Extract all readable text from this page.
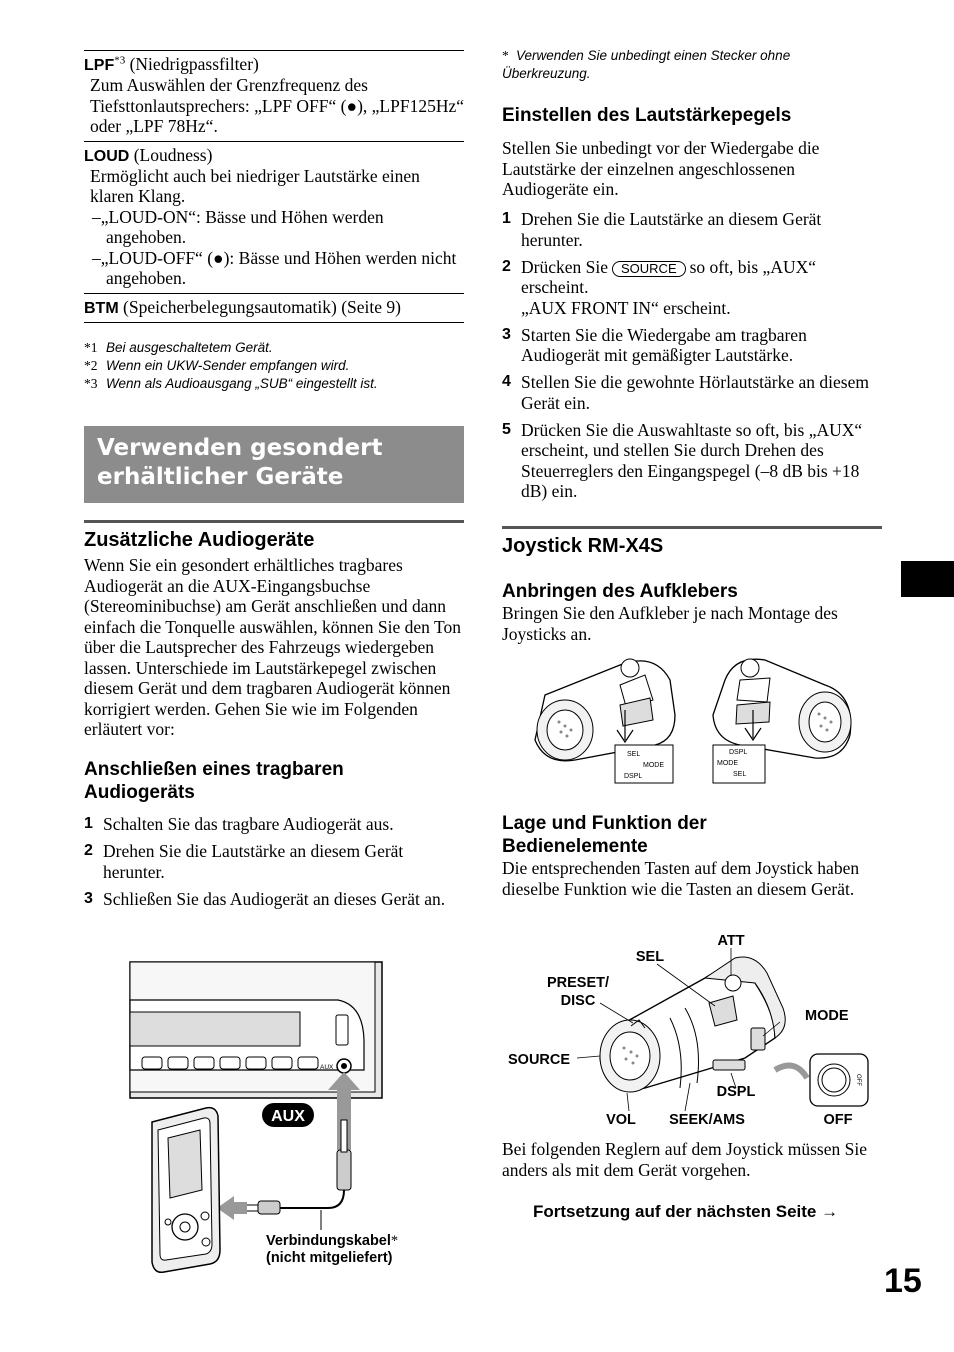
LPF$^{*3}$ (Niedrigpassfilter)
Zum Auswählen der Grenzfrequenz des Tiefsttonlautsprechers: „LPF OFF“ (●), „LPF125Hz“ oder „LPF 78Hz“.
LOUD (Loudness)
Ermöglicht auch bei niedriger Lautstärke einen klaren Klang.
–„LOUD-ON“: Bässe und Höhen werden angehoben.
–„LOUD-OFF“ (●): Bässe und Höhen werden nicht angehoben.
BTM (Speicherbelegungsautomatik) (Seite 9)
*1 Bei ausgeschaltetem Gerät.
*2 Wenn ein UKW-Sender empfangen wird.
*3 Wenn als Audioausgang „SUB“ eingestellt ist.
Verwenden gesondert erhältlicher Geräte
Zusätzliche Audiogeräte

Wenn Sie ein gesondert erhältliches tragbares Audiogerät an die AUX-Eingangsbuchse (Stereominibuchse) am Gerät anschließen und dann einfach die Tonquelle auswählen, können Sie den Ton über die Lautsprecher des Fahrzeugs wiedergeben lassen. Unterschiede im Lautstärkepegel zwischen diesem Gerät und dem tragbaren Audiogerät können korrigiert werden. Gehen Sie wie im Folgenden erläutert vor:

Anschließen eines tragbaren Audiogeräts
1 Schalten Sie das tragbare Audiogerät aus.
2 Drehen Sie die Lautstärke an diesem Gerät herunter.
3 Schließen Sie das Audiogerät an dieses Gerät an.
AUX
AUX
Verbindungskabel*
(nicht mitgeliefert)
* Verwenden Sie unbedingt einen Stecker ohne Überkreuzung.
Einstellen des Lautstärkepegels

Stellen Sie unbedingt vor der Wiedergabe die Lautstärke der einzelnen angeschlossenen Audiogeräte ein.

1 Drehen Sie die Lautstärke an diesem Gerät herunter.
2 Drücken Sie SOURCE so oft, bis „AUX“ erscheint.
„AUX FRONT IN“ erscheint.
3 Starten Sie die Wiedergabe am tragbaren Audiogerät mit gemäßigter Lautstärke.
4 Stellen Sie die gewohnte Hörlautstärke an diesem Gerät ein.
5 Drücken Sie die Auswahltaste so oft, bis „AUX“ erscheint, und stellen Sie durch Drehen des Steuerreglers den Eingangspegel (–8 dB bis +18 dB) ein.
Joystick RM-X4S
Anbringen des Aufklebers

Bringen Sie den Aufkleber je nach Montage des Joysticks an.

Lage und Funktion der Bedienelemente

Die entsprechenden Tasten auf dem Joystick haben dieselbe Funktion wie die Tasten an diesem Gerät.

Bei folgenden Reglern auf dem Joystick müssen Sie anders als mit dem Gerät vorgehen.

Fortsetzung auf der nächsten Seite →
SEL
MODE
DSPL
DSPL
MODE
SEL
OFF
ATT
SEL
PRESET/
DISC
MODE
SOURCE
DSPL
VOL SEEK/AMS	OFF
15
